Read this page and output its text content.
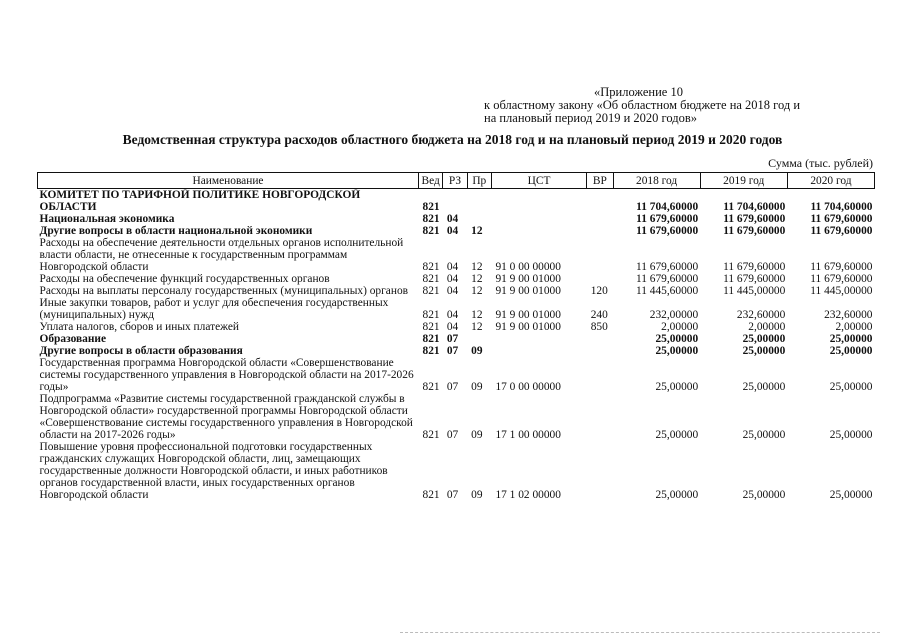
«Приложение 10
к областному закону «Об областном бюджете на 2018 год и
на плановый период 2019 и 2020 годов»
Ведомственная структура расходов областного бюджета на 2018 год и на плановый период 2019 и 2020 годов
Сумма (тыс. рублей)
Наименование	Вед	РЗ	Пр	ЦСТ	ВР	2018 год	2019 год	2020 год
КОМИТЕТ ПО ТАРИФНОЙ ПОЛИТИКЕ НОВГОРОДСКОЙ ОБЛАСТИ	821					11 704,60000	11 704,60000	11 704,60000
Национальная экономика	821	04				11 679,60000	11 679,60000	11 679,60000
Другие вопросы в области национальной экономики	821	04	12			11 679,60000	11 679,60000	11 679,60000
Расходы на обеспечение деятельности отдельных органов исполнительной власти области, не отнесенные к государственным программам Новгородской области	821	04	12	91 0 00 00000		11 679,60000	11 679,60000	11 679,60000
Расходы на обеспечение функций государственных органов	821	04	12	91 9 00 01000		11 679,60000	11 679,60000	11 679,60000
Расходы на выплаты персоналу государственных (муниципальных) органов	821	04	12	91 9 00 01000	120	11 445,60000	11 445,00000	11 445,00000
Иные закупки товаров, работ и услуг для обеспечения государственных (муниципальных) нужд	821	04	12	91 9 00 01000	240	232,00000	232,60000	232,60000
Уплата налогов, сборов и иных платежей	821	04	12	91 9 00 01000	850	2,00000	2,00000	2,00000
Образование	821	07				25,00000	25,00000	25,00000
Другие вопросы в области образования	821	07	09			25,00000	25,00000	25,00000
Государственная программа Новгородской области «Совершенствование системы государственного управления в Новгородской области на 2017-2026 годы»	821	07	09	17 0 00 00000		25,00000	25,00000	25,00000
Подпрограмма «Развитие системы государственной гражданской службы в Новгородской области» государственной программы Новгородской области «Совершенствование системы государственного управления в Новгородской области на 2017-2026 годы»	821	07	09	17 1 00 00000		25,00000	25,00000	25,00000
Повышение уровня профессиональной подготовки государственных гражданских служащих Новгородской области, лиц, замещающих государственные должности Новгородской области, и иных работников органов государственной власти, иных государственных органов Новгородской области	821	07	09	17 1 02 00000		25,00000	25,00000	25,00000
